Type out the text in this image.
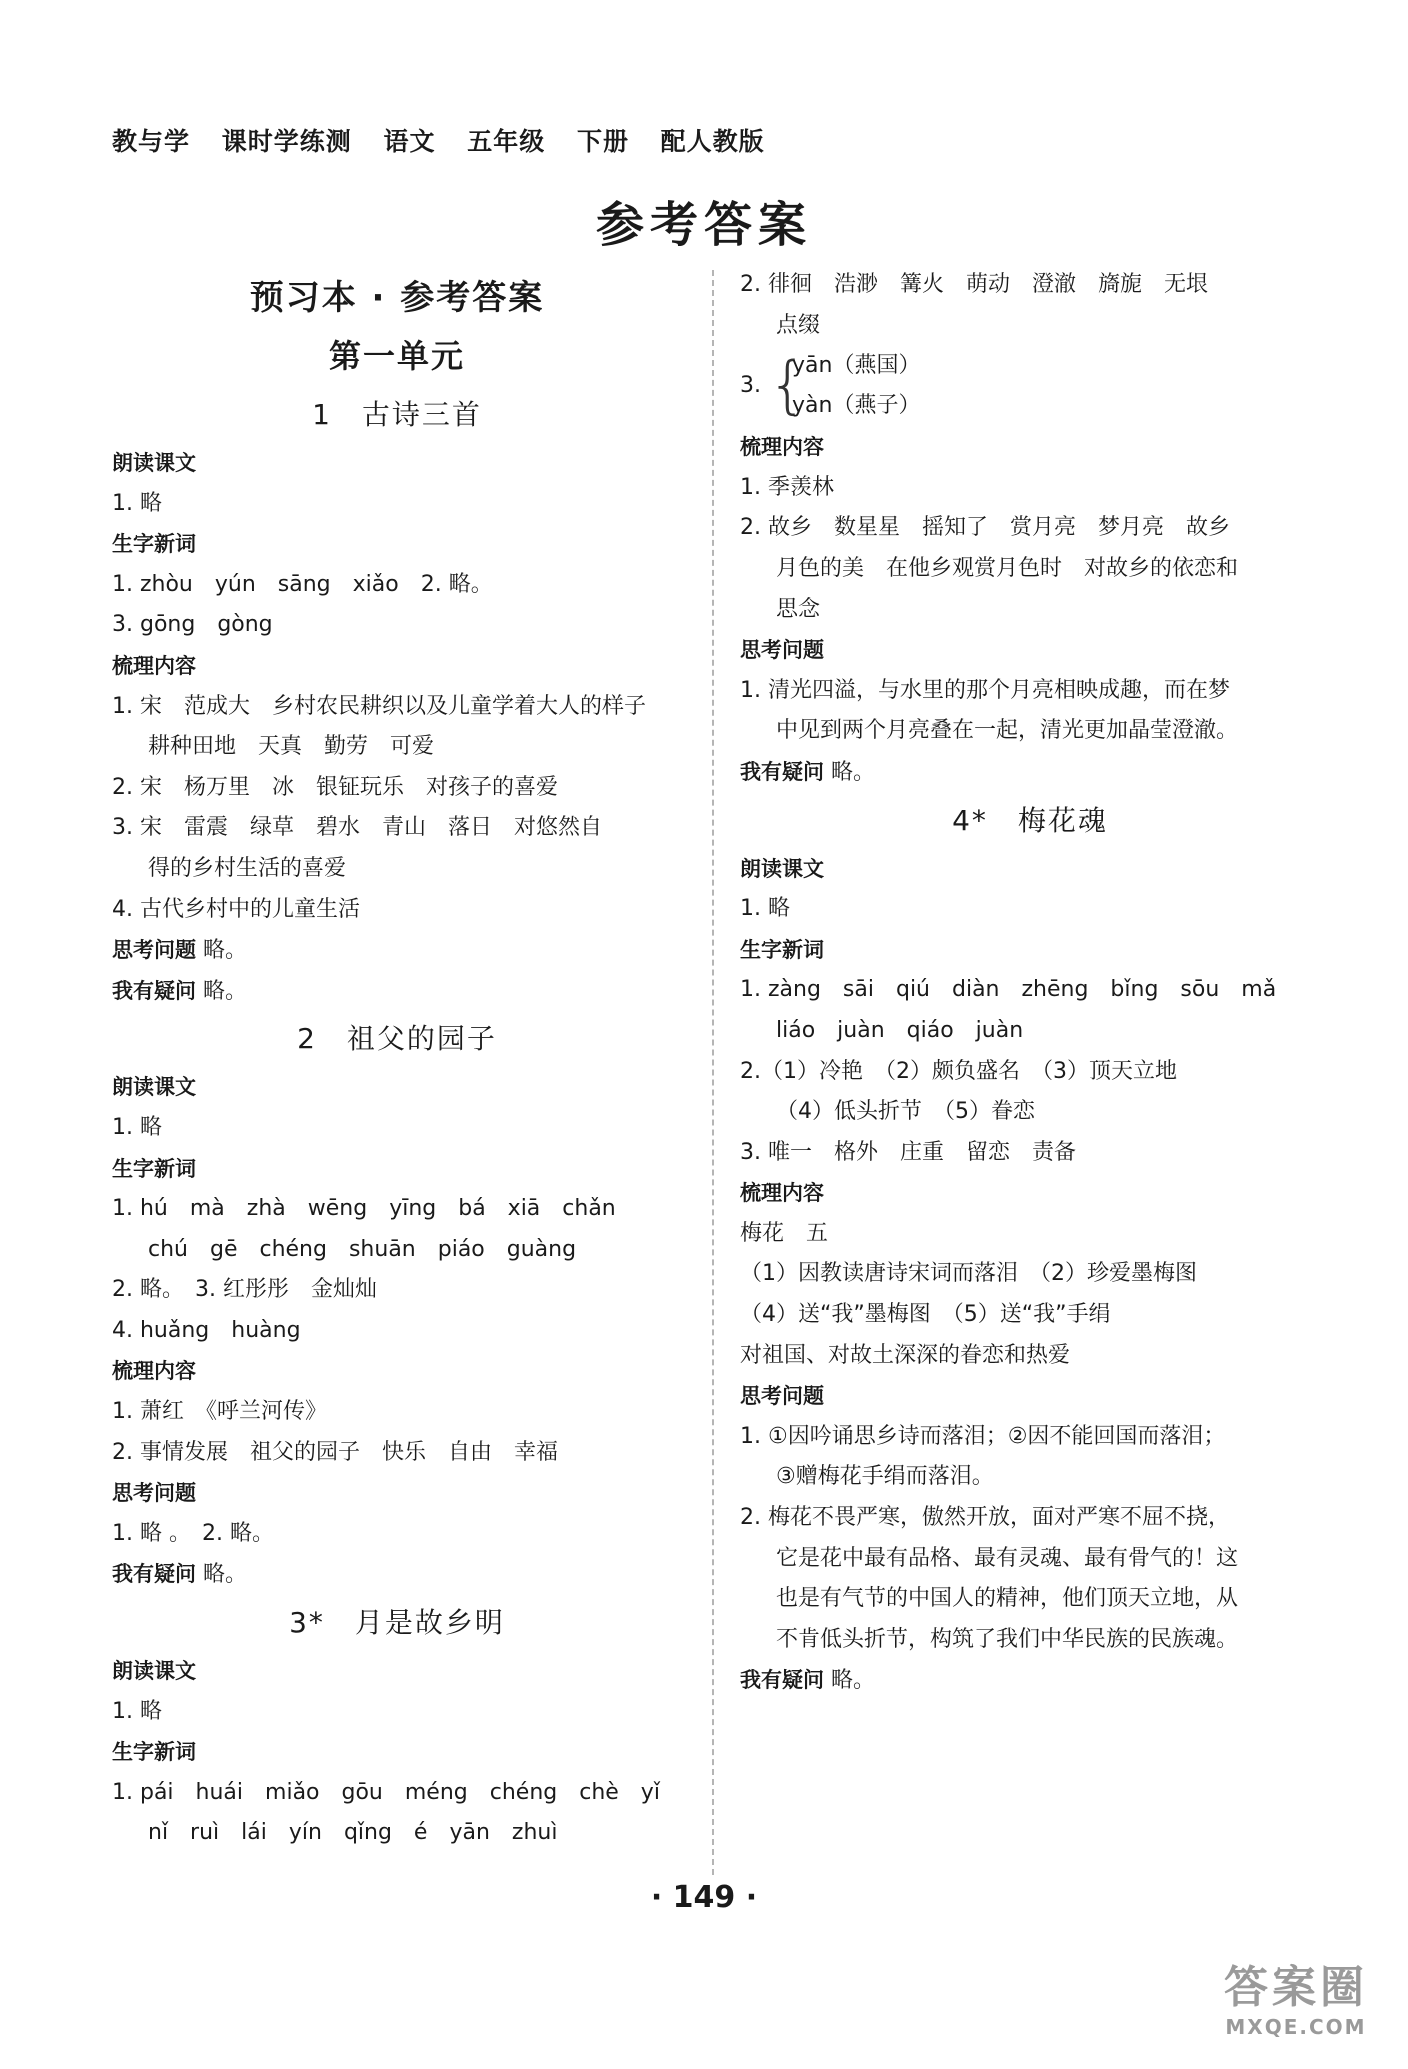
教与学 课时学练测 语文 五年级 下册 配人教版
参考答案
预习本 · 参考答案
第一单元
1　古诗三首
朗读课文
1. 略
生字新词
1. zhòu　yún　sāng　xiǎo　2. 略。
3. gōng　gòng
梳理内容
1. 宋　范成大　乡村农民耕织以及儿童学着大人的样子
耕种田地　天真　勤劳　可爱
2. 宋　杨万里　冰　银钲玩乐　对孩子的喜爱
3. 宋　雷震　绿草　碧水　青山　落日　对悠然自
得的乡村生活的喜爱
4. 古代乡村中的儿童生活
思考问题 略。
我有疑问 略。
2　祖父的园子
朗读课文
1. 略
生字新词
1. hú　mà　zhà　wēng　yīng　bá　xiā　chǎn
chú　gē　chéng　shuān　piáo　guàng
2. 略。　3. 红彤彤　金灿灿
4. huǎng　huàng
梳理内容
1. 萧红　《呼兰河传》
2. 事情发展　祖父的园子　快乐　自由　幸福
思考问题
1. 略 。　2. 略。
我有疑问 略。
3*　月是故乡明
朗读课文
1. 略
生字新词
1. pái　huái　miǎo　gōu　méng　chéng　chè　yǐ
nǐ　ruì　lái　yín　qǐng　é　yān　zhuì
2. 徘徊　浩渺　篝火　萌动　澄澈　旖旎　无垠
点缀
3. {
yān（燕国）
yàn（燕子）
梳理内容
1. 季羡林
2. 故乡　数星星　摇知了　赏月亮　梦月亮　故乡
月色的美　在他乡观赏月色时　对故乡的依恋和
思念
思考问题
1. 清光四溢，与水里的那个月亮相映成趣，而在梦
中见到两个月亮叠在一起，清光更加晶莹澄澈。
我有疑问 略。
4*　梅花魂
朗读课文
1. 略
生字新词
1. zàng　sāi　qiú　diàn　zhēng　bǐng　sōu　mǎ
liáo　juàn　qiáo　juàn
2.（1）冷艳　（2）颇负盛名　（3）顶天立地
（4）低头折节　（5）眷恋
3. 唯一　格外　庄重　留恋　责备
梳理内容
梅花　五
（1）因教读唐诗宋词而落泪　（2）珍爱墨梅图
（4）送“我”墨梅图　（5）送“我”手绢
对祖国、对故土深深的眷恋和热爱
思考问题
1. ①因吟诵思乡诗而落泪；②因不能回国而落泪；
③赠梅花手绢而落泪。
2. 梅花不畏严寒，傲然开放，面对严寒不屈不挠，
它是花中最有品格、最有灵魂、最有骨气的！这
也是有气节的中国人的精神，他们顶天立地，从
不肯低头折节，构筑了我们中华民族的民族魂。
我有疑问 略。
· 149 ·
答案圈
MXQE.COM
